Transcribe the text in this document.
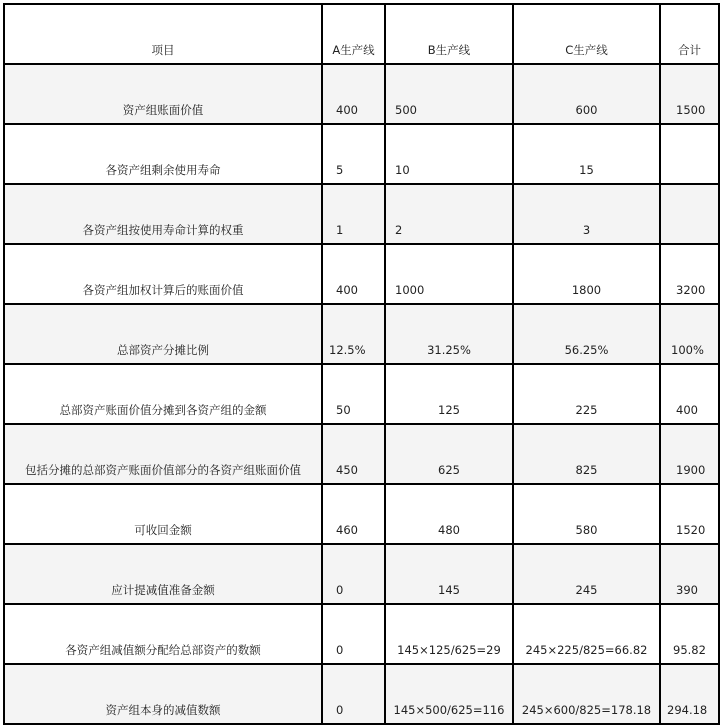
项目	A生产线	B生产线	C生产线	合计
资产组账面价值	400	500	600	1500
各资产组剩余使用寿命	5	10	15	
各资产组按使用寿命计算的权重	1	2	3	
各资产组加权计算后的账面价值	400	1000	1800	3200
总部资产分摊比例	12.5%	31.25%	56.25%	100%
总部资产账面价值分摊到各资产组的金额	50	125	225	400
包括分摊的总部资产账面价值部分的各资产组账面价值	450	625	825	1900
可收回金额	460	480	580	1520
应计提减值准备金额	0	145	245	390
各资产组减值额分配给总部资产的数额	0	145×125/625=29	245×225/825=66.82	95.82
资产组本身的减值数额	0	145×500/625=116	245×600/825=178.18	294.18
